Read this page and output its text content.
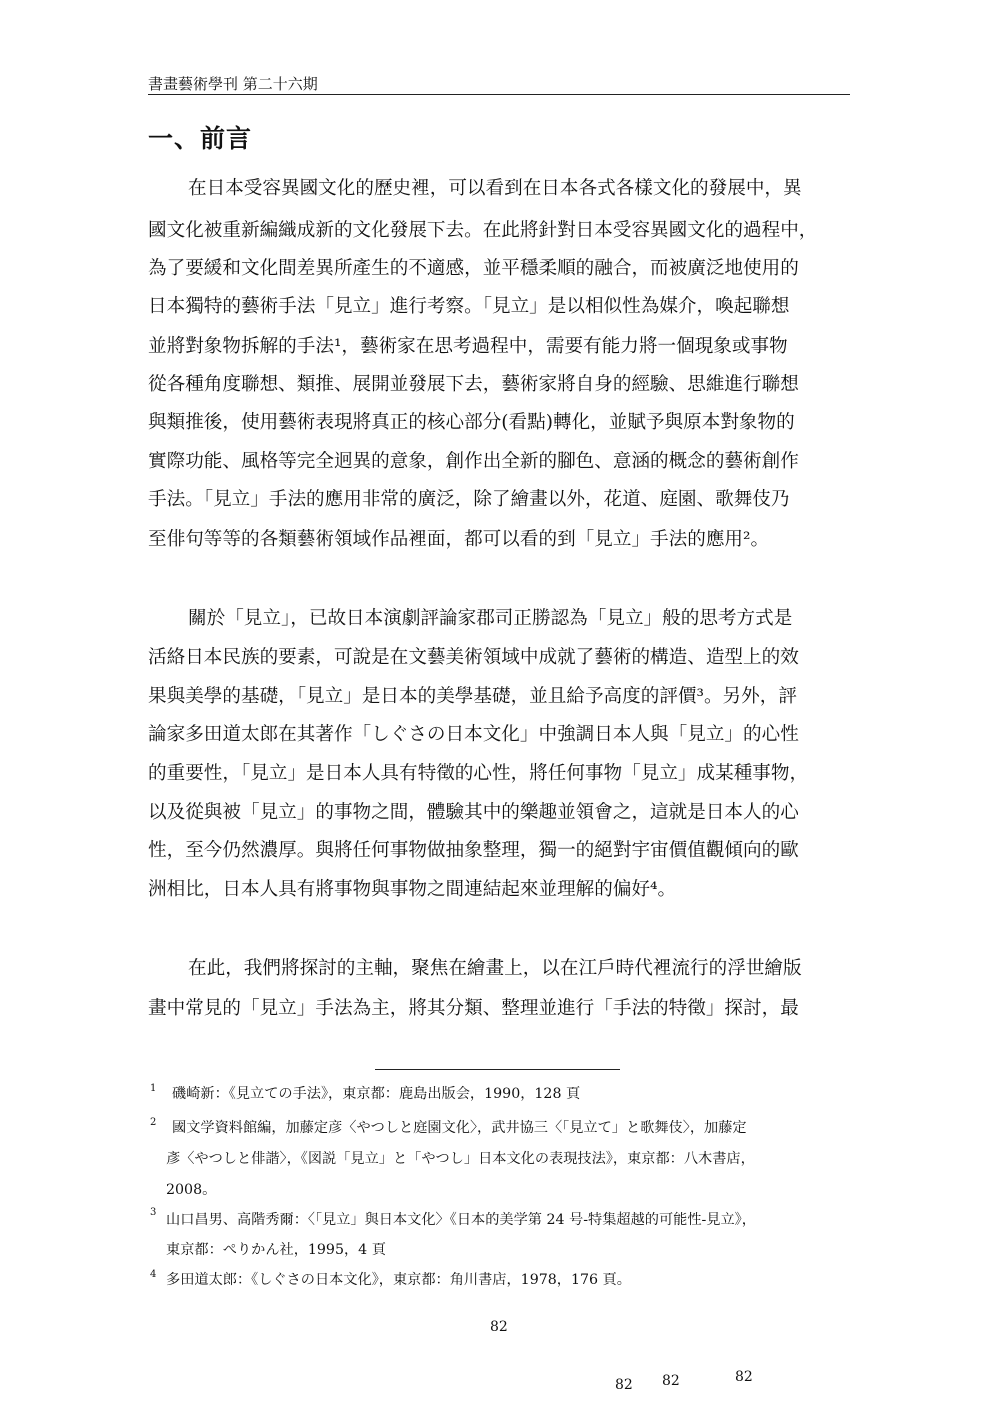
書畫藝術學刊 第二十六期
一、前言
在日本受容異國文化的歷史裡，可以看到在日本各式各樣文化的發展中，異
國文化被重新編織成新的文化發展下去。在此將針對日本受容異國文化的過程中，
為了要緩和文化間差異所產生的不適感，並平穩柔順的融合，而被廣泛地使用的
日本獨特的藝術手法「見立」進行考察。「見立」是以相似性為媒介，喚起聯想
並將對象物拆解的手法¹，藝術家在思考過程中，需要有能力將一個現象或事物
從各種角度聯想、類推、展開並發展下去，藝術家將自身的經驗、思維進行聯想
與類推後，使用藝術表現將真正的核心部分(看點)轉化，並賦予與原本對象物的
實際功能、風格等完全迥異的意象，創作出全新的腳色、意涵的概念的藝術創作
手法。「見立」手法的應用非常的廣泛，除了繪畫以外，花道、庭園、歌舞伎乃
至俳句等等的各類藝術領域作品裡面，都可以看的到「見立」手法的應用²。
關於「見立」，已故日本演劇評論家郡司正勝認為「見立」般的思考方式是
活絡日本民族的要素，可說是在文藝美術領域中成就了藝術的構造、造型上的效
果與美學的基礎，「見立」是日本的美學基礎，並且給予高度的評價³。另外，評
論家多田道太郎在其著作「しぐさの日本文化」中強調日本人與「見立」的心性
的重要性，「見立」是日本人具有特徵的心性，將任何事物「見立」成某種事物，
以及從與被「見立」的事物之間，體驗其中的樂趣並領會之，這就是日本人的心
性，至今仍然濃厚。與將任何事物做抽象整理，獨一的絕對宇宙價值觀傾向的歐
洲相比，日本人具有將事物與事物之間連結起來並理解的偏好⁴。
在此，我們將探討的主軸，聚焦在繪畫上，以在江戶時代裡流行的浮世繪版
畫中常見的「見立」手法為主，將其分類、整理並進行「手法的特徵」探討，最
1 磯崎新：《見立ての手法》，東京都：鹿島出版会，1990，128 頁
2 國文学資料館編，加藤定彦〈やつしと庭園文化〉，武井協三〈「見立て」と歌舞伎〉，加藤定
彥〈やつしと俳諧〉，《図説「見立」と「やつし」日本文化の表現技法》，東京都：八木書店，
2008。
3 山口昌男、高階秀爾：〈「見立」與日本文化〉《日本的美学第 24 号-特集超越的可能性-見立》，
東京都：ぺりかん社，1995，4 頁
4 多田道太郎：《しぐさの日本文化》，東京都：角川書店，1978，176 頁。
82
82 82	82
